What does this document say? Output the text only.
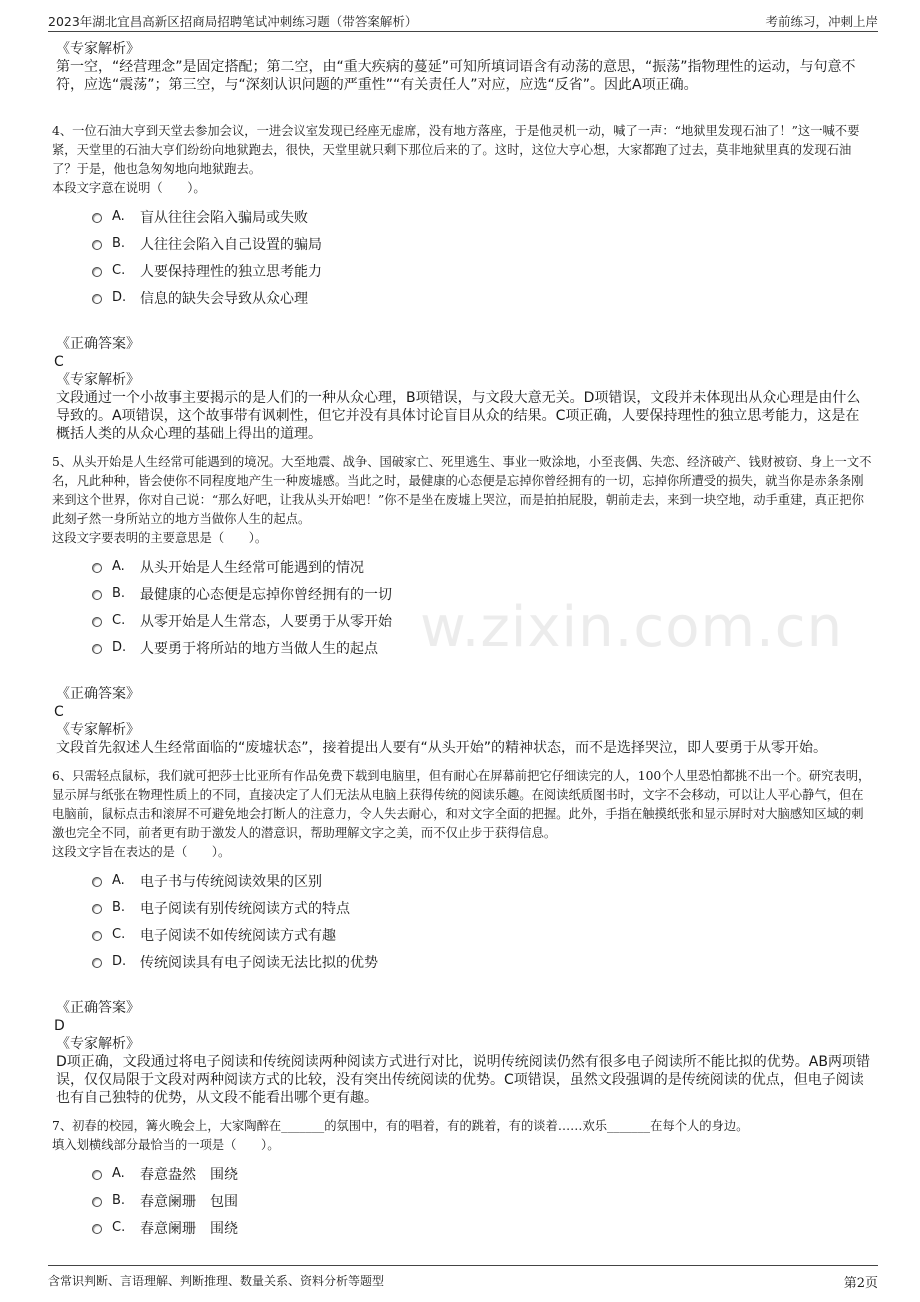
2023年湖北宜昌高新区招商局招聘笔试冲刺练习题（带答案解析）	考前练习，冲刺上岸
w.zixin.com.cn
《专家解析》
第一空，“经营理念”是固定搭配；第二空，由“重大疾病的蔓延”可知所填词语含有动荡的意思，“振荡”指物理性的运动，与句意不符，应选“震荡”；第三空，与“深刻认识问题的严重性”“有关责任人”对应，应选“反省”。因此A项正确。
4、一位石油大亨到天堂去参加会议，一进会议室发现已经座无虚席，没有地方落座，于是他灵机一动，喊了一声：“地狱里发现石油了！”这一喊不要紧，天堂里的石油大亨们纷纷向地狱跑去，很快，天堂里就只剩下那位后来的了。这时，这位大亨心想，大家都跑了过去，莫非地狱里真的发现石油了？于是，他也急匆匆地向地狱跑去。
本段文字意在说明（　　）。
A.	盲从往往会陷入骗局或失败
B.	人往往会陷入自己设置的骗局
C.	人要保持理性的独立思考能力
D. 信息的缺失会导致从众心理
《正确答案》
C
《专家解析》
文段通过一个小故事主要揭示的是人们的一种从众心理，B项错误，与文段大意无关。D项错误，文段并未体现出从众心理是由什么导致的。A项错误，这个故事带有讽刺性，但它并没有具体讨论盲目从众的结果。C项正确，人要保持理性的独立思考能力，这是在概括人类的从众心理的基础上得出的道理。
5、从头开始是人生经常可能遇到的境况。大至地震、战争、国破家亡、死里逃生、事业一败涂地，小至丧偶、失恋、经济破产、钱财被窃、身上一文不名，凡此种种，皆会使你不同程度地产生一种废墟感。当此之时，最健康的心态便是忘掉你曾经拥有的一切，忘掉你所遭受的损失，就当你是赤条条刚来到这个世界，你对自己说：“那么好吧，让我从头开始吧！”你不是坐在废墟上哭泣，而是拍拍屁股，朝前走去，来到一块空地，动手重建，真正把你此刻孑然一身所站立的地方当做你人生的起点。
这段文字要表明的主要意思是（　　）。
A.	从头开始是人生经常可能遇到的情况
B.	最健康的心态便是忘掉你曾经拥有的一切
C.	从零开始是人生常态，人要勇于从零开始
D. 人要勇于将所站的地方当做人生的起点
《正确答案》
C
《专家解析》
文段首先叙述人生经常面临的“废墟状态”，接着提出人要有“从头开始”的精神状态，而不是选择哭泣，即人要勇于从零开始。
6、只需轻点鼠标，我们就可把莎士比亚所有作品免费下载到电脑里，但有耐心在屏幕前把它仔细读完的人，100个人里恐怕都挑不出一个。研究表明，显示屏与纸张在物理性质上的不同，直接决定了人们无法从电脑上获得传统的阅读乐趣。在阅读纸质图书时，文字不会移动，可以让人平心静气，但在电脑前，鼠标点击和滚屏不可避免地会打断人的注意力，令人失去耐心，和对文字全面的把握。此外，手指在触摸纸张和显示屏时对大脑感知区域的刺激也完全不同，前者更有助于激发人的潜意识，帮助理解文字之美，而不仅止步于获得信息。
这段文字旨在表达的是（　　）。
A.	电子书与传统阅读效果的区别
B.	电子阅读有别传统阅读方式的特点
C.	电子阅读不如传统阅读方式有趣
D. 传统阅读具有电子阅读无法比拟的优势
《正确答案》
D
《专家解析》
D项正确，文段通过将电子阅读和传统阅读两种阅读方式进行对比，说明传统阅读仍然有很多电子阅读所不能比拟的优势。AB两项错误，仅仅局限于文段对两种阅读方式的比较，没有突出传统阅读的优势。C项错误，虽然文段强调的是传统阅读的优点，但电子阅读也有自己独特的优势，从文段不能看出哪个更有趣。
7、初春的校园，篝火晚会上，大家陶醉在_______的氛围中，有的唱着，有的跳着，有的谈着……欢乐_______在每个人的身边。
填入划横线部分最恰当的一项是（　　）。
A.	春意盎然　围绕
B.	春意阑珊　包围
C.	春意阑珊　围绕
含常识判断、言语理解、判断推理、数量关系、资料分析等题型	第2页
